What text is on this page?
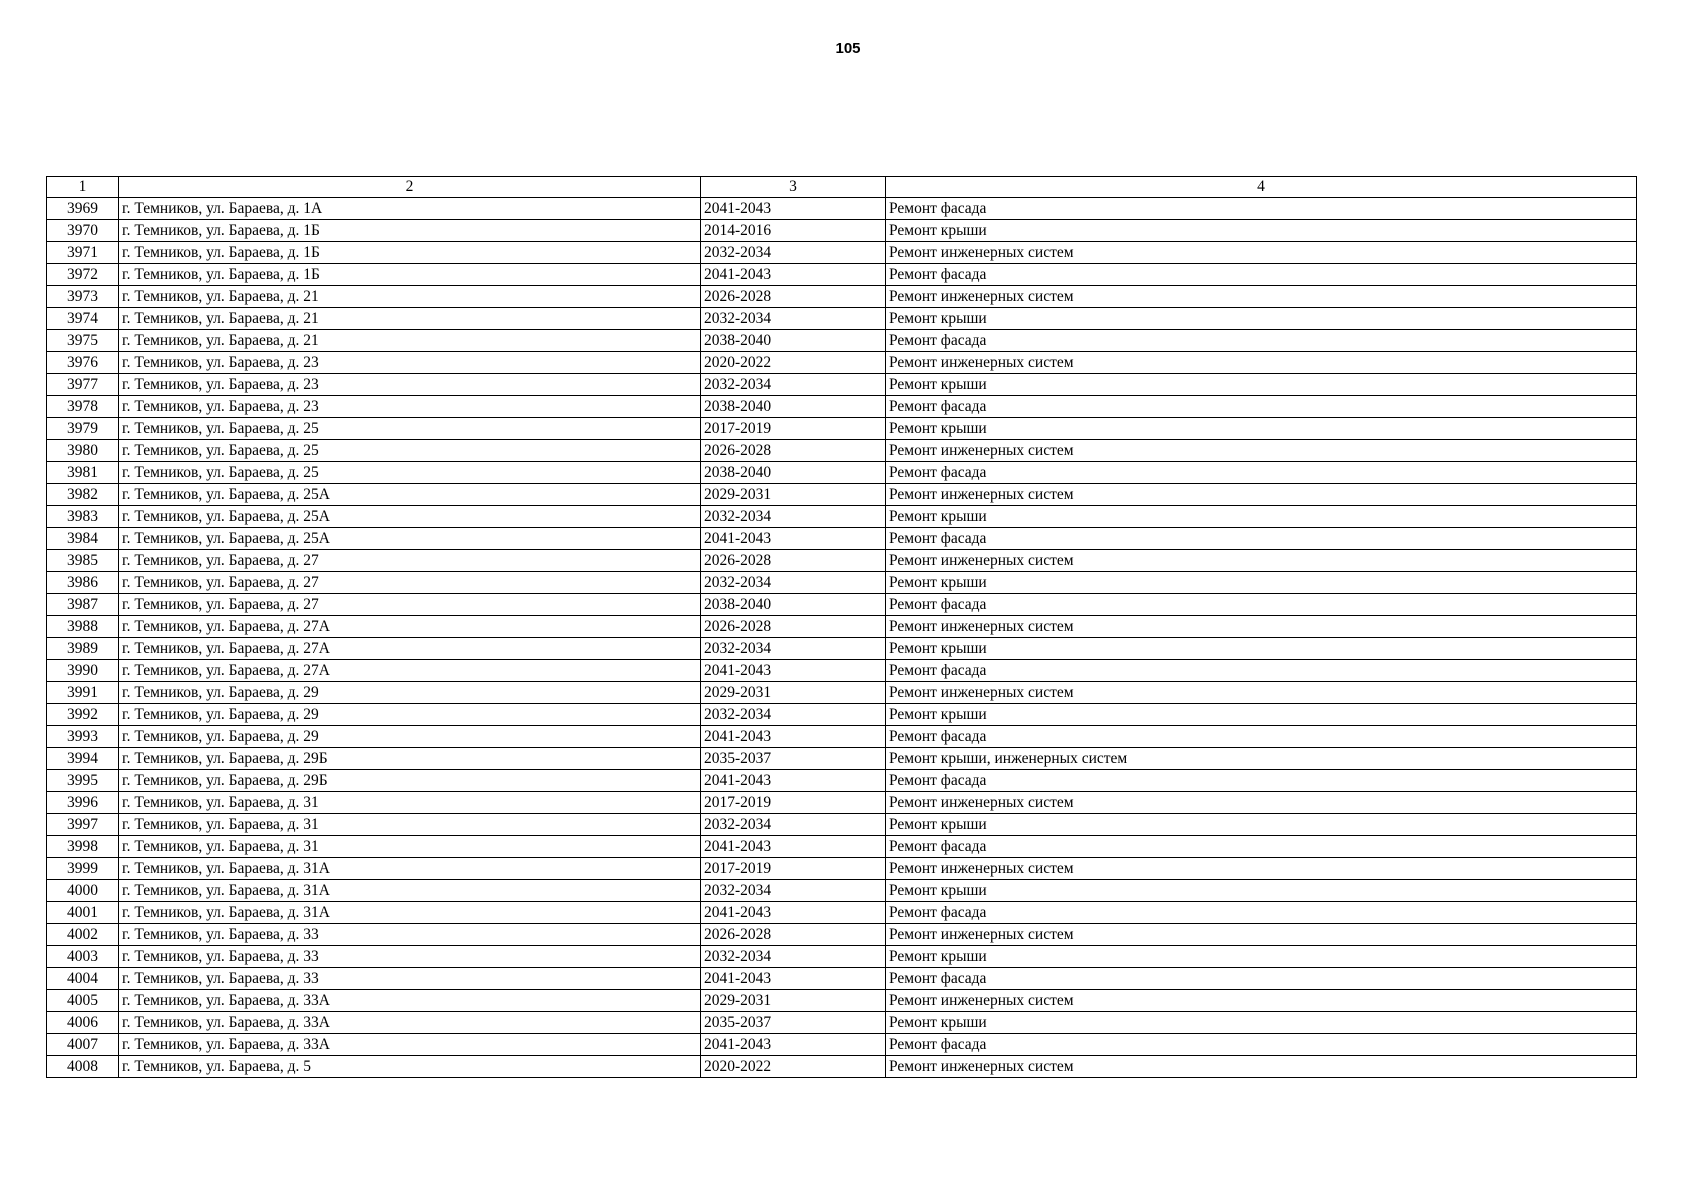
105
1	2	3	4
3969	г. Темников, ул. Бараева, д. 1А	2041-2043	Ремонт фасада
3970	г. Темников, ул. Бараева, д. 1Б	2014-2016	Ремонт крыши
3971	г. Темников, ул. Бараева, д. 1Б	2032-2034	Ремонт инженерных систем
3972	г. Темников, ул. Бараева, д. 1Б	2041-2043	Ремонт фасада
3973	г. Темников, ул. Бараева, д. 21	2026-2028	Ремонт инженерных систем
3974	г. Темников, ул. Бараева, д. 21	2032-2034	Ремонт крыши
3975	г. Темников, ул. Бараева, д. 21	2038-2040	Ремонт фасада
3976	г. Темников, ул. Бараева, д. 23	2020-2022	Ремонт инженерных систем
3977	г. Темников, ул. Бараева, д. 23	2032-2034	Ремонт крыши
3978	г. Темников, ул. Бараева, д. 23	2038-2040	Ремонт фасада
3979	г. Темников, ул. Бараева, д. 25	2017-2019	Ремонт крыши
3980	г. Темников, ул. Бараева, д. 25	2026-2028	Ремонт инженерных систем
3981	г. Темников, ул. Бараева, д. 25	2038-2040	Ремонт фасада
3982	г. Темников, ул. Бараева, д. 25А	2029-2031	Ремонт инженерных систем
3983	г. Темников, ул. Бараева, д. 25А	2032-2034	Ремонт крыши
3984	г. Темников, ул. Бараева, д. 25А	2041-2043	Ремонт фасада
3985	г. Темников, ул. Бараева, д. 27	2026-2028	Ремонт инженерных систем
3986	г. Темников, ул. Бараева, д. 27	2032-2034	Ремонт крыши
3987	г. Темников, ул. Бараева, д. 27	2038-2040	Ремонт фасада
3988	г. Темников, ул. Бараева, д. 27А	2026-2028	Ремонт инженерных систем
3989	г. Темников, ул. Бараева, д. 27А	2032-2034	Ремонт крыши
3990	г. Темников, ул. Бараева, д. 27А	2041-2043	Ремонт фасада
3991	г. Темников, ул. Бараева, д. 29	2029-2031	Ремонт инженерных систем
3992	г. Темников, ул. Бараева, д. 29	2032-2034	Ремонт крыши
3993	г. Темников, ул. Бараева, д. 29	2041-2043	Ремонт фасада
3994	г. Темников, ул. Бараева, д. 29Б	2035-2037	Ремонт крыши, инженерных систем
3995	г. Темников, ул. Бараева, д. 29Б	2041-2043	Ремонт фасада
3996	г. Темников, ул. Бараева, д. 31	2017-2019	Ремонт инженерных систем
3997	г. Темников, ул. Бараева, д. 31	2032-2034	Ремонт крыши
3998	г. Темников, ул. Бараева, д. 31	2041-2043	Ремонт фасада
3999	г. Темников, ул. Бараева, д. 31А	2017-2019	Ремонт инженерных систем
4000	г. Темников, ул. Бараева, д. 31А	2032-2034	Ремонт крыши
4001	г. Темников, ул. Бараева, д. 31А	2041-2043	Ремонт фасада
4002	г. Темников, ул. Бараева, д. 33	2026-2028	Ремонт инженерных систем
4003	г. Темников, ул. Бараева, д. 33	2032-2034	Ремонт крыши
4004	г. Темников, ул. Бараева, д. 33	2041-2043	Ремонт фасада
4005	г. Темников, ул. Бараева, д. 33А	2029-2031	Ремонт инженерных систем
4006	г. Темников, ул. Бараева, д. 33А	2035-2037	Ремонт крыши
4007	г. Темников, ул. Бараева, д. 33А	2041-2043	Ремонт фасада
4008	г. Темников, ул. Бараева, д. 5	2020-2022	Ремонт инженерных систем
